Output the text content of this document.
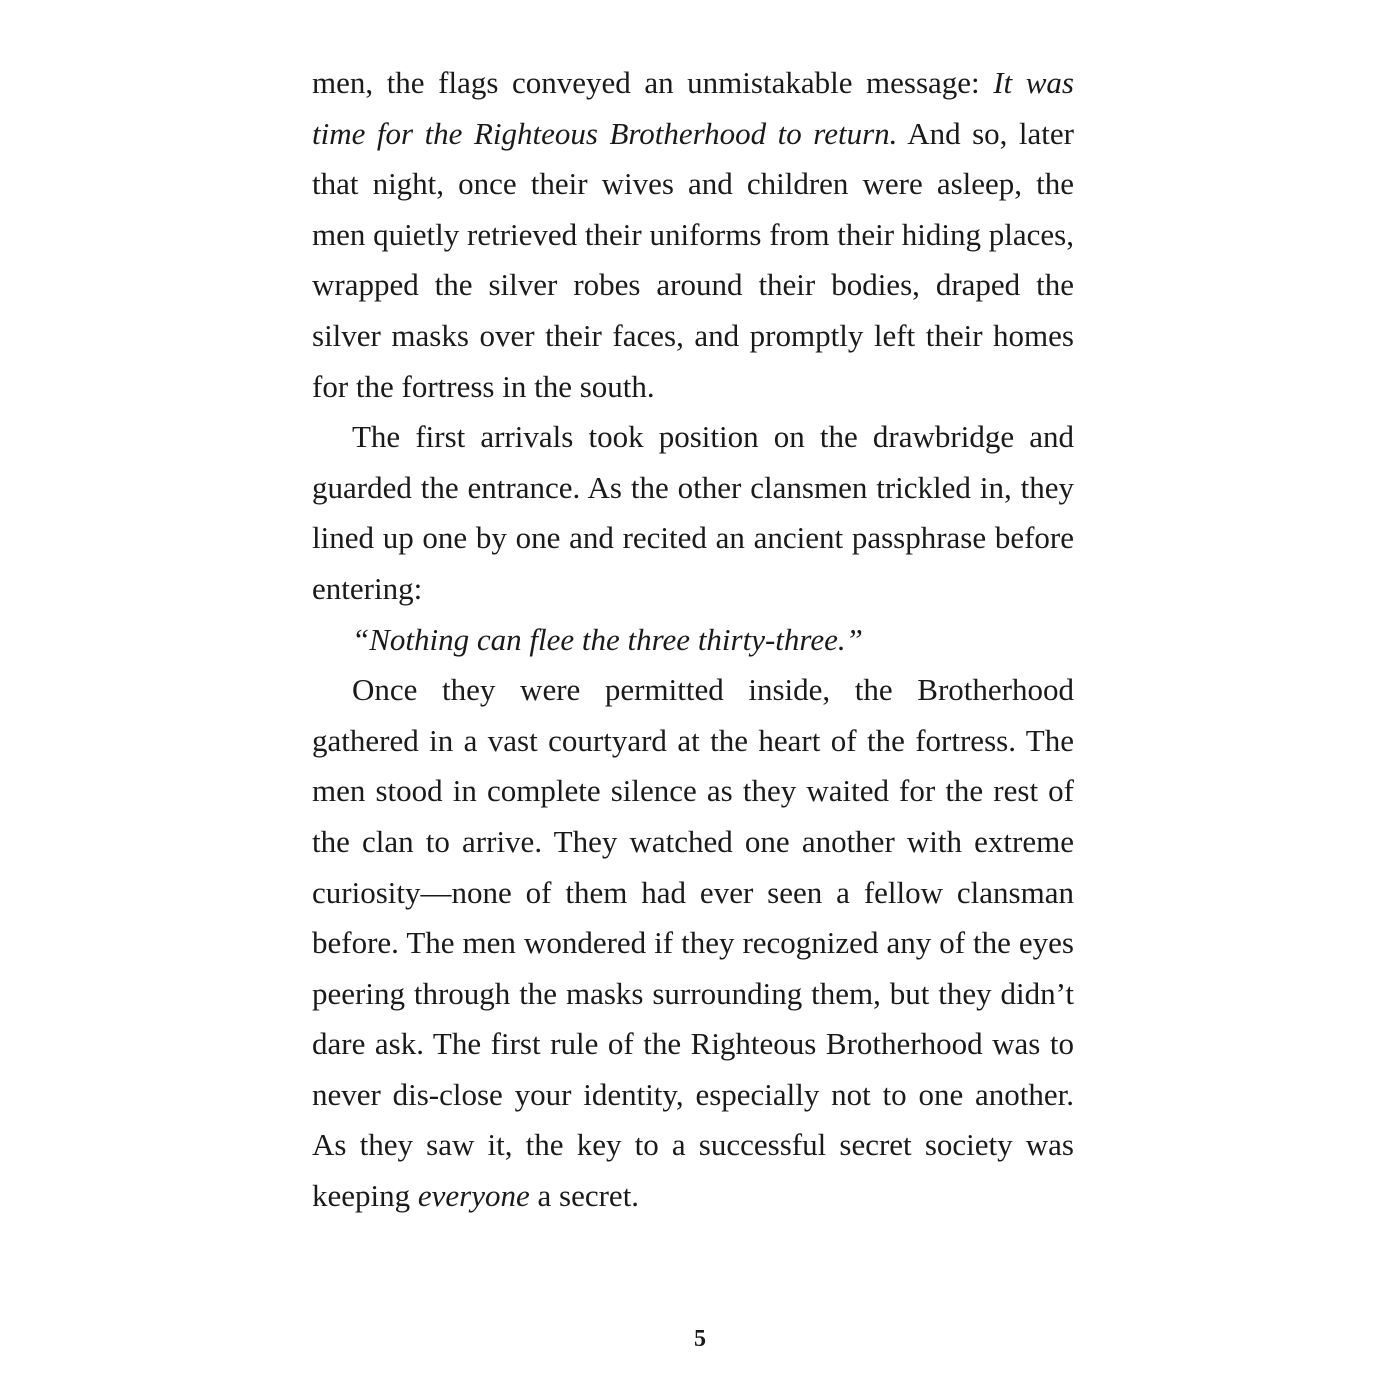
men, the flags conveyed an unmistakable message: It was time for the Righteous Brotherhood to return. And so, later that night, once their wives and children were asleep, the men quietly retrieved their uniforms from their hiding places, wrapped the silver robes around their bodies, draped the silver masks over their faces, and promptly left their homes for the fortress in the south.

The first arrivals took position on the drawbridge and guarded the entrance. As the other clansmen trickled in, they lined up one by one and recited an ancient passphrase before entering:

“Nothing can flee the three thirty-three.”

Once they were permitted inside, the Brotherhood gathered in a vast courtyard at the heart of the fortress. The men stood in complete silence as they waited for the rest of the clan to arrive. They watched one another with extreme curiosity—none of them had ever seen a fellow clansman before. The men wondered if they recognized any of the eyes peering through the masks surrounding them, but they didn’t dare ask. The first rule of the Righteous Brotherhood was to never dis-close your identity, especially not to one another. As they saw it, the key to a successful secret society was keeping everyone a secret.

5
